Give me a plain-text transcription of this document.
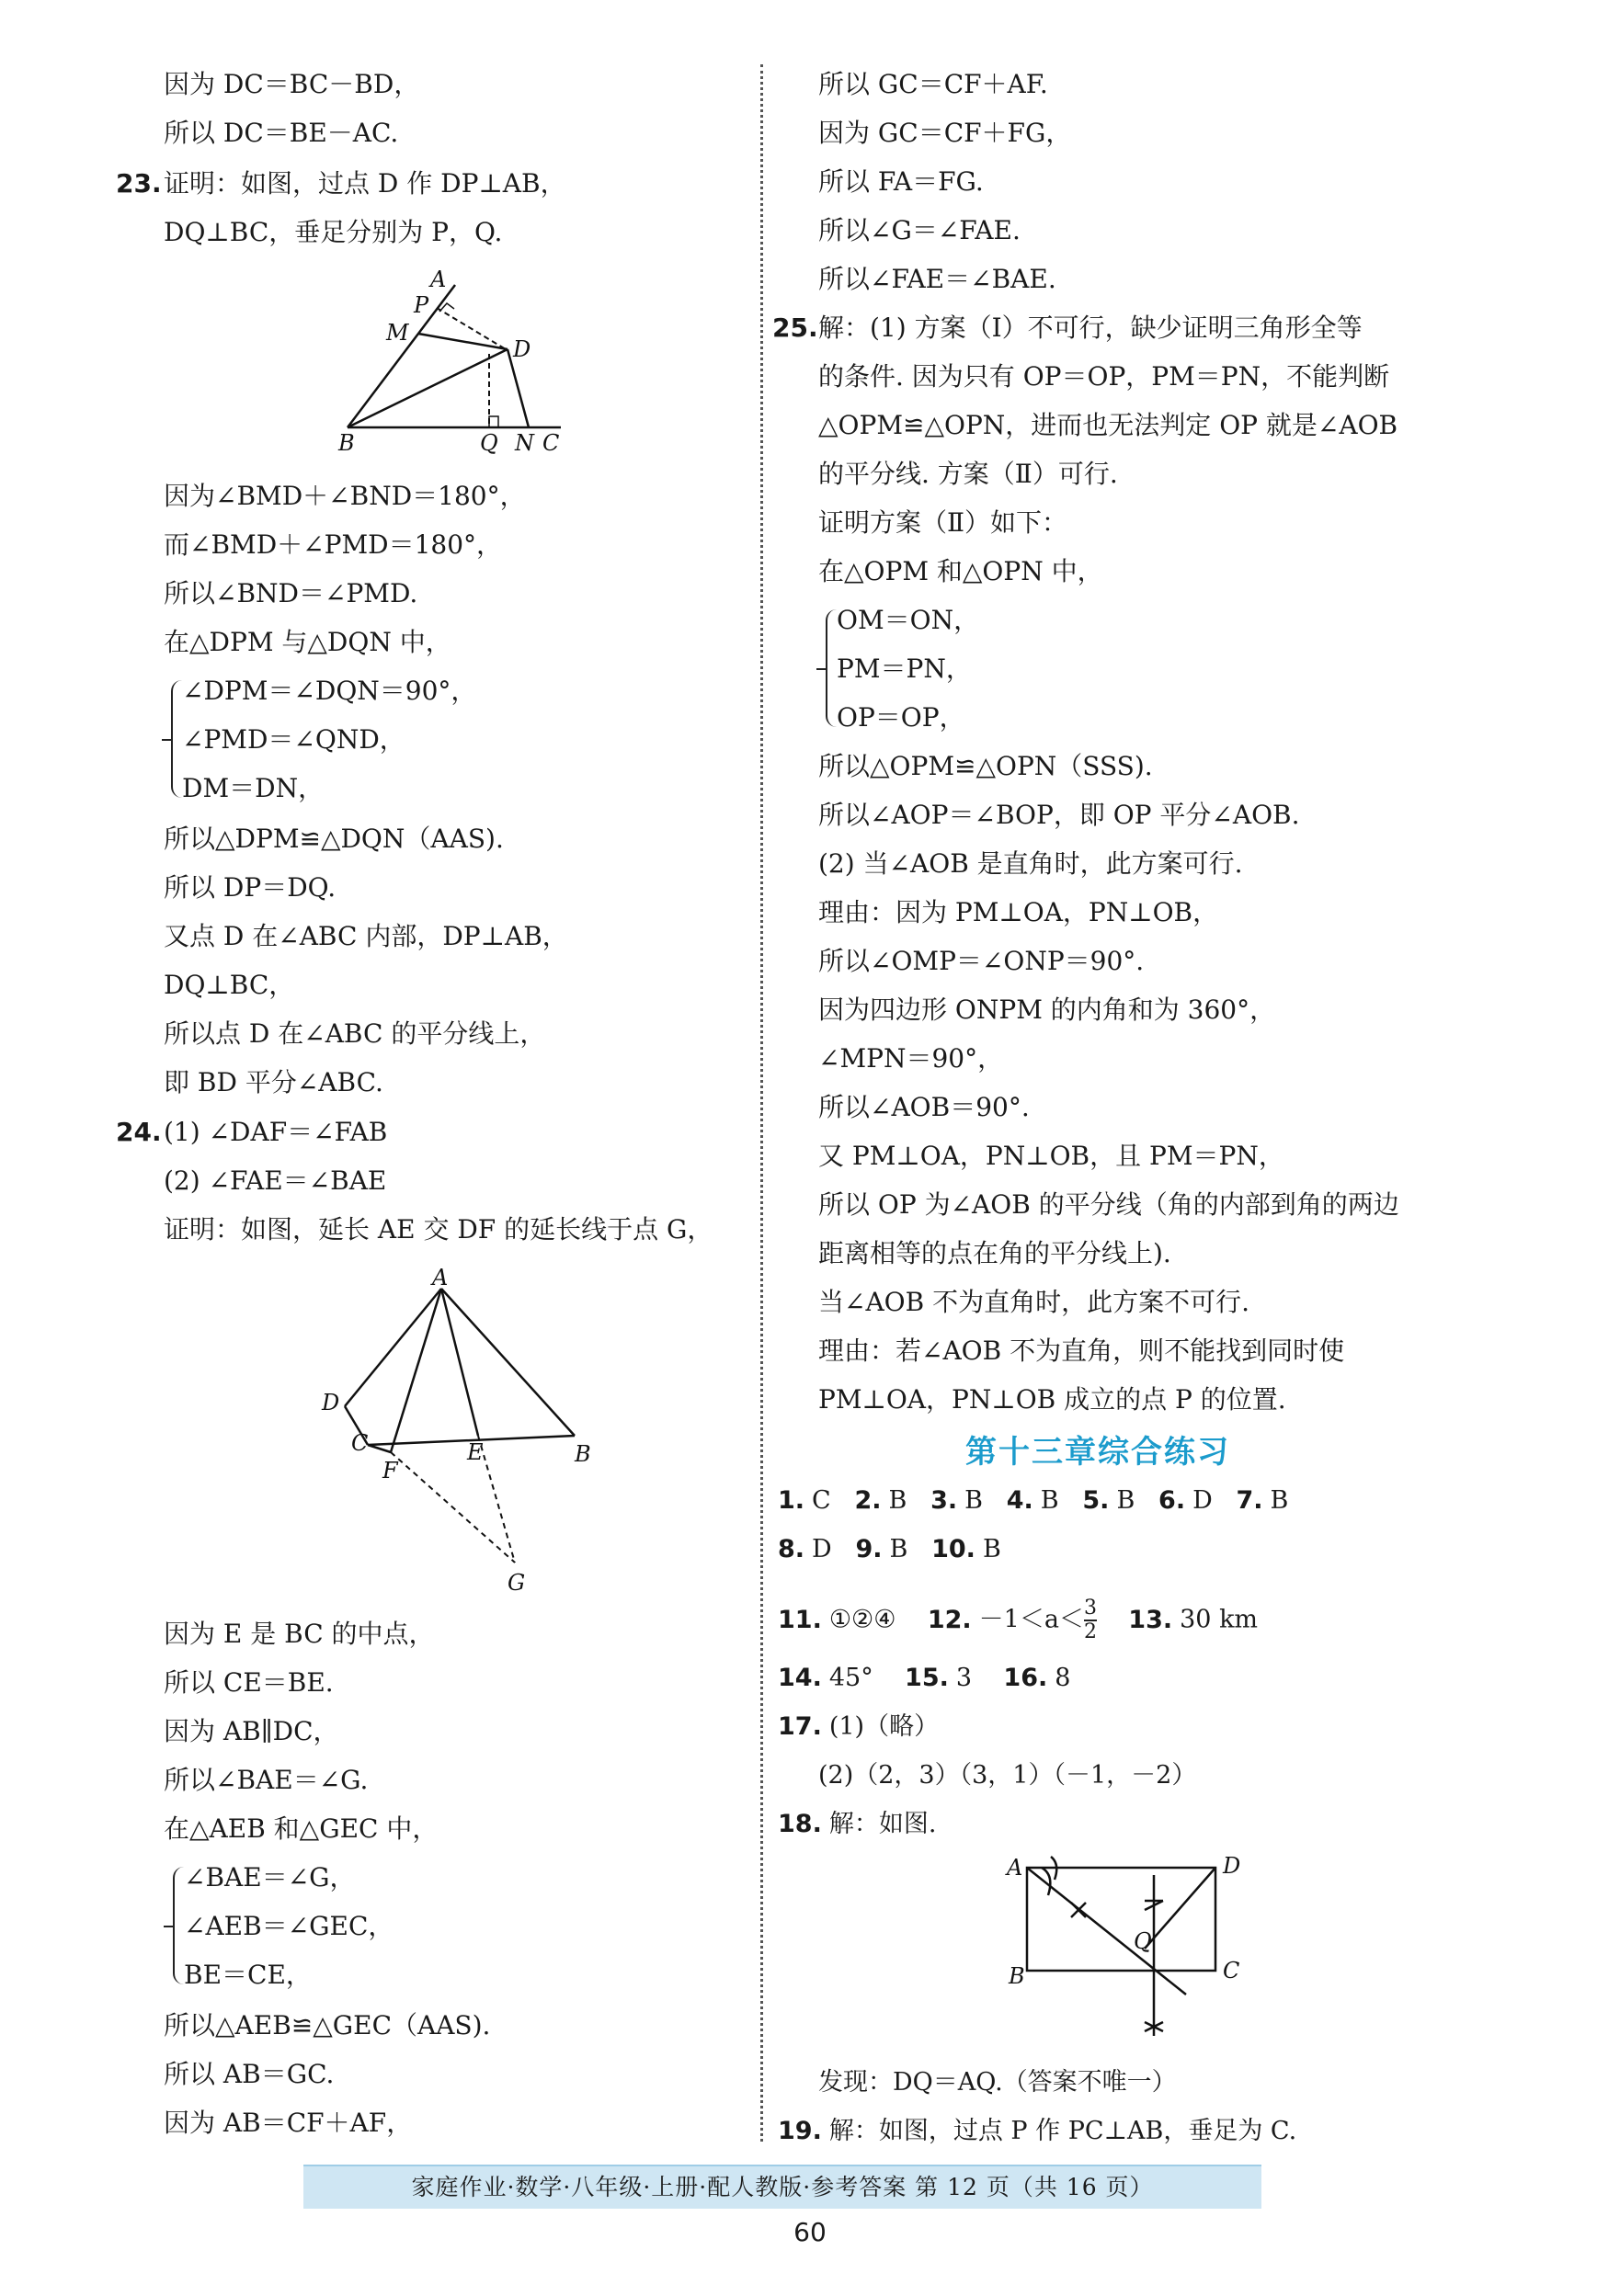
因为 DC＝BC－BD，
所以 DC＝BE－AC.
23. 证明：如图，过点 D 作 DP⊥AB，
DQ⊥BC，垂足分别为 P，Q.
A
P
M
D
B	Q N C
因为∠BMD＋∠BND＝180°，
而∠BMD＋∠PMD＝180°，
所以∠BND＝∠PMD.
在△DPM 与△DQN 中，
∠DPM＝∠DQN＝90°，
∠PMD＝∠QND，
DM＝DN，
所以△DPM≌△DQN（AAS).
所以 DP＝DQ.
又点 D 在∠ABC 内部，DP⊥AB，
DQ⊥BC，
所以点 D 在∠ABC 的平分线上，
即 BD 平分∠ABC.
24. (1) ∠DAF＝∠FAB
(2) ∠FAE＝∠BAE
证明：如图，延长 AE 交 DF 的延长线于点 G，
A
D
C
F
E	B
G
因为 E 是 BC 的中点，
所以 CE＝BE.
因为 AB∥DC，
所以∠BAE＝∠G.
在△AEB 和△GEC 中，
∠BAE＝∠G，
∠AEB＝∠GEC，
BE＝CE，
所以△AEB≌△GEC（AAS).
所以 AB＝GC.
因为 AB＝CF＋AF，
所以 GC＝CF＋AF.
因为 GC＝CF＋FG，
所以 FA＝FG.
所以∠G＝∠FAE.
所以∠FAE＝∠BAE.
25. 解：(1) 方案（Ⅰ）不可行，缺少证明三角形全等
的条件. 因为只有 OP＝OP，PM＝PN，不能判断
△OPM≌△OPN，进而也无法判定 OP 就是∠AOB
的平分线. 方案（Ⅱ）可行.
证明方案（Ⅱ）如下：
在△OPM 和△OPN 中，
OM＝ON，
PM＝PN，
OP＝OP，
所以△OPM≌△OPN（SSS).
所以∠AOP＝∠BOP，即 OP 平分∠AOB.
(2) 当∠AOB 是直角时，此方案可行.
理由：因为 PM⊥OA，PN⊥OB，
所以∠OMP＝∠ONP＝90°.
因为四边形 ONPM 的内角和为 360°，
∠MPN＝90°，
所以∠AOB＝90°.
又 PM⊥OA，PN⊥OB，且 PM＝PN，
所以 OP 为∠AOB 的平分线（角的内部到角的两边
距离相等的点在角的平分线上).
当∠AOB 不为直角时，此方案不可行.
理由：若∠AOB 不为直角，则不能找到同时使
PM⊥OA，PN⊥OB 成立的点 P 的位置.
第十三章综合练习
1. C 2. B 3. B 4. B 5. B 6. D 7. B
8. D 9. B 10. B
11. ①②④ 12. $-1<a< \frac{3}{2} 13$. 30 km
14. 45° 15. 3 16. 8
17. (1)（略）
(2)（2，3）（3，1）（－1，－2）
18. 解：如图.
A	D
Q
B	C
发现：DQ＝AQ.（答案不唯一）
19. 解：如图，过点 P 作 PC⊥AB，垂足为 C.
家庭作业·数学·八年级·上册·配人教版·参考答案 第 12 页（共 16 页）
60
